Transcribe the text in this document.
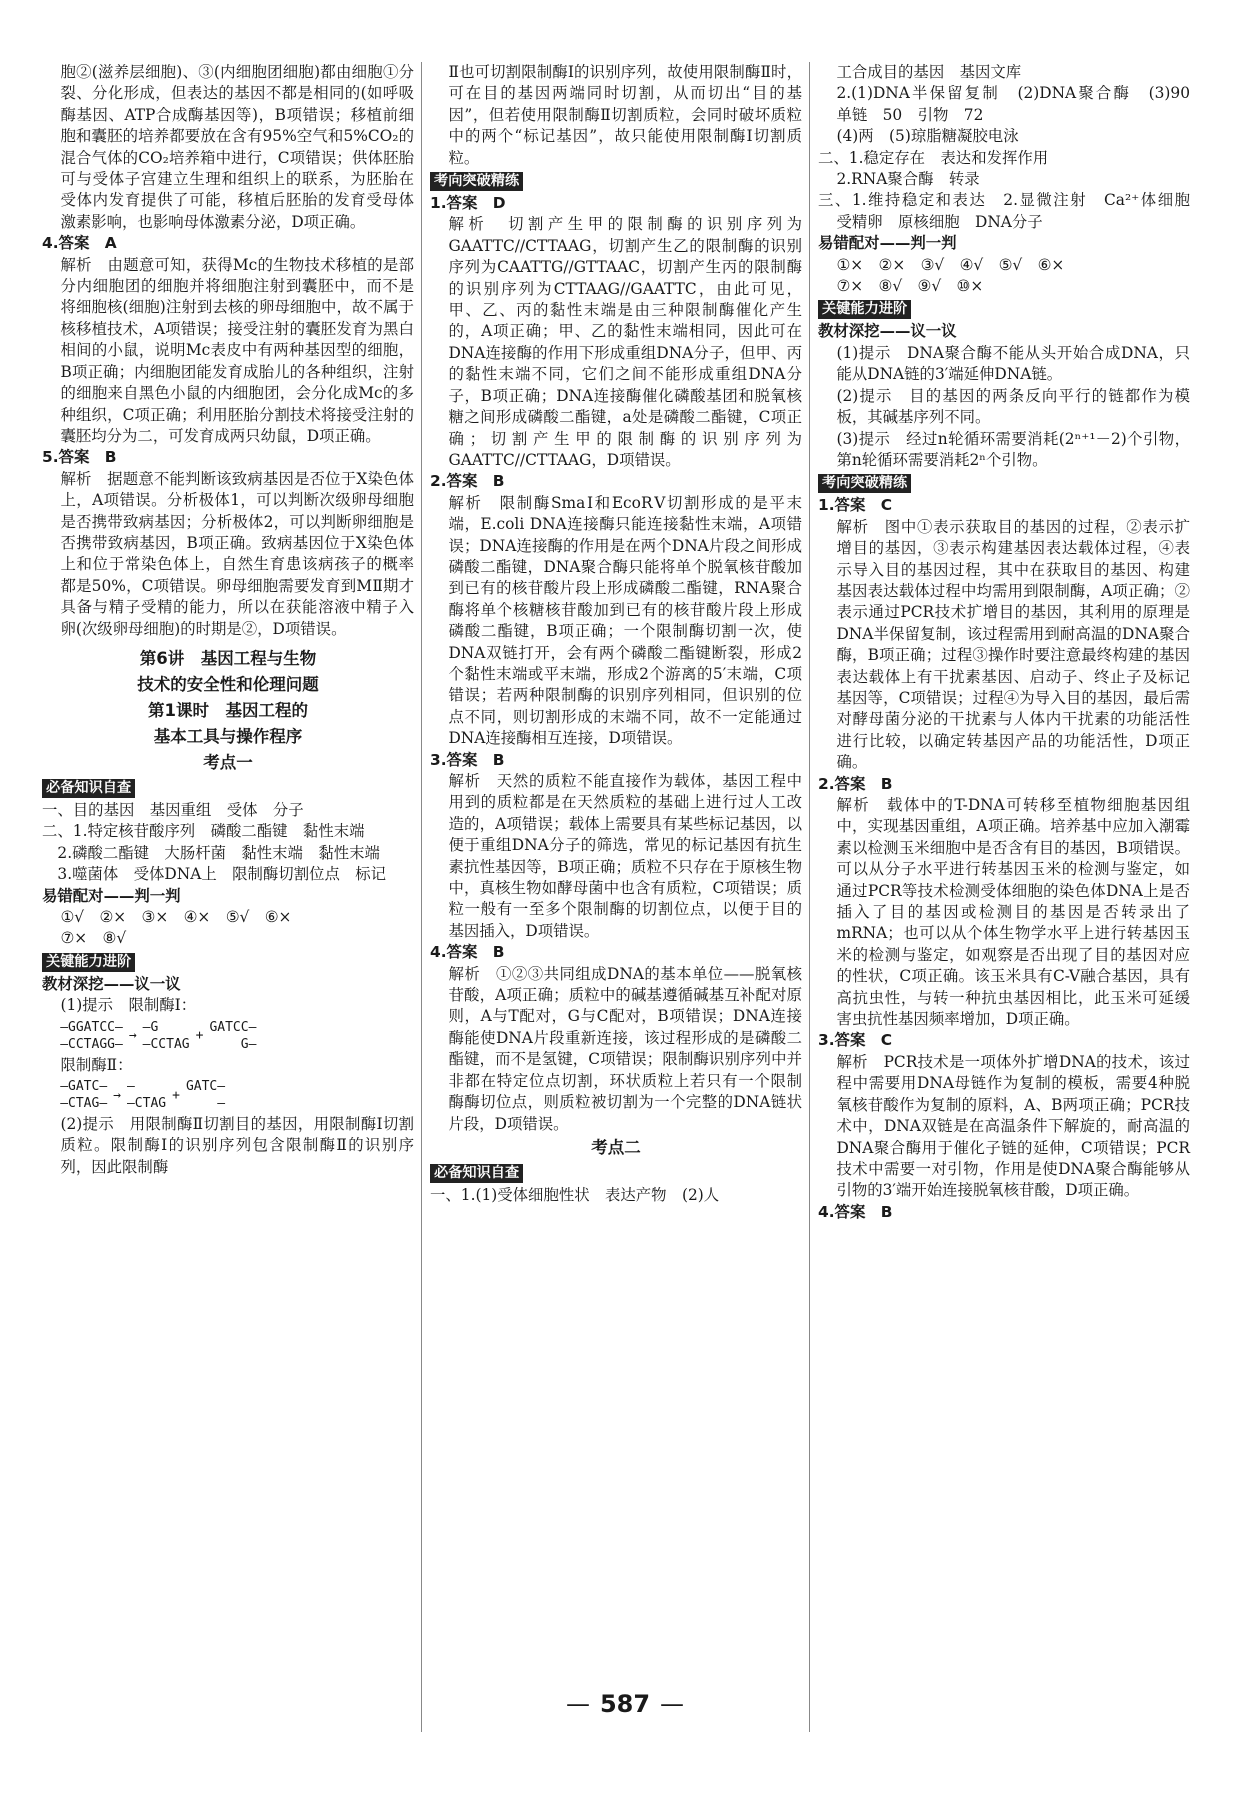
胞②(滋养层细胞)、③(内细胞团细胞)都由细胞①分裂、分化形成，但表达的基因不都是相同的(如呼吸酶基因、ATP合成酶基因等)，B项错误；移植前细胞和囊胚的培养都要放在含有95%空气和5%CO₂的混合气体的CO₂培养箱中进行，C项错误；供体胚胎可与受体子宫建立生理和组织上的联系，为胚胎在受体内发育提供了可能，移植后胚胎的发育受母体激素影响，也影响母体激素分泌，D项正确。

4.答案　A

解析　由题意可知，获得Mc的生物技术移植的是部分内细胞团的细胞并将细胞注射到囊胚中，而不是将细胞核(细胞)注射到去核的卵母细胞中，故不属于核移植技术，A项错误；接受注射的囊胚发育为黑白相间的小鼠，说明Mc表皮中有两种基因型的细胞，B项正确；内细胞团能发育成胎儿的各种组织，注射的细胞来自黑色小鼠的内细胞团，会分化成Mc的多种组织，C项正确；利用胚胎分割技术将接受注射的囊胚均分为二，可发育成两只幼鼠，D项正确。

5.答案　B

解析　据题意不能判断该致病基因是否位于X染色体上，A项错误。分析极体1，可以判断次级卵母细胞是否携带致病基因；分析极体2，可以判断卵细胞是否携带致病基因，B项正确。致病基因位于X染色体上和位于常染色体上，自然生育患该病孩子的概率都是50%，C项错误。卵母细胞需要发育到MⅡ期才具备与精子受精的能力，所以在获能溶液中精子入卵(次级卵母细胞)的时期是②，D项错误。

第6讲　基因工程与生物
技术的安全性和伦理问题
第1课时　基因工程的
基本工具与操作程序
考点一
必备知识自查

一、目的基因　基因重组　受体　分子

二、1.特定核苷酸序列　磷酸二酯键　黏性末端

2.磷酸二酯键　大肠杆菌　黏性末端　黏性末端

3.噬菌体　受体DNA上　限制酶切割位点　标记

易错配对——判一判

①√　②×　③×　④×　⑤√　⑥×

⑦×　⑧√

关键能力进阶

教材深挖——议一议

(1)提示　限制酶Ⅰ：

—GGATCC—
—CCTAGG—
→
—G
—CCTAG
+
GATCC—
G—

限制酶Ⅱ：

—GATC—
—CTAG—
→
—
—CTAG
+
GATC—
—

(2)提示　用限制酶Ⅱ切割目的基因，用限制酶Ⅰ切割质粒。限制酶Ⅰ的识别序列包含限制酶Ⅱ的识别序列，因此限制酶

Ⅱ也可切割限制酶Ⅰ的识别序列，故使用限制酶Ⅱ时，可在目的基因两端同时切割，从而切出“目的基因”，但若使用限制酶Ⅱ切割质粒，会同时破坏质粒中的两个“标记基因”，故只能使用限制酶Ⅰ切割质粒。

考向突破精练

1.答案　D

解析　切割产生甲的限制酶的识别序列为GAATTC//CTTAAG，切割产生乙的限制酶的识别序列为CAATTG//GTTAAC，切割产生丙的限制酶的识别序列为CTTAAG//GAATTC，由此可见，甲、乙、丙的黏性末端是由三种限制酶催化产生的，A项正确；甲、乙的黏性末端相同，因此可在DNA连接酶的作用下形成重组DNA分子，但甲、丙的黏性末端不同，它们之间不能形成重组DNA分子，B项正确；DNA连接酶催化磷酸基团和脱氧核糖之间形成磷酸二酯键，a处是磷酸二酯键，C项正确；切割产生甲的限制酶的识别序列为GAATTC//CTTAAG，D项错误。

2.答案　B

解析　限制酶SmaⅠ和EcoRⅤ切割形成的是平末端，E.coli DNA连接酶只能连接黏性末端，A项错误；DNA连接酶的作用是在两个DNA片段之间形成磷酸二酯键，DNA聚合酶只能将单个脱氧核苷酸加到已有的核苷酸片段上形成磷酸二酯键，RNA聚合酶将单个核糖核苷酸加到已有的核苷酸片段上形成磷酸二酯键，B项正确；一个限制酶切割一次，使DNA双链打开，会有两个磷酸二酯键断裂，形成2个黏性末端或平末端，形成2个游离的5′末端，C项错误；若两种限制酶的识别序列相同，但识别的位点不同，则切割形成的末端不同，故不一定能通过DNA连接酶相互连接，D项错误。

3.答案　B

解析　天然的质粒不能直接作为载体，基因工程中用到的质粒都是在天然质粒的基础上进行过人工改造的，A项错误；载体上需要具有某些标记基因，以便于重组DNA分子的筛选，常见的标记基因有抗生素抗性基因等，B项正确；质粒不只存在于原核生物中，真核生物如酵母菌中也含有质粒，C项错误；质粒一般有一至多个限制酶的切割位点，以便于目的基因插入，D项错误。

4.答案　B

解析　①②③共同组成DNA的基本单位——脱氧核苷酸，A项正确；质粒中的碱基遵循碱基互补配对原则，A与T配对，G与C配对，B项错误；DNA连接酶能使DNA片段重新连接，该过程形成的是磷酸二酯键，而不是氢键，C项错误；限制酶识别序列中并非都在特定位点切割，环状质粒上若只有一个限制酶酶切位点，则质粒被切割为一个完整的DNA链状片段，D项错误。

考点二
必备知识自查

一、1.(1)受体细胞性状　表达产物　(2)人

工合成目的基因　基因文库

2.(1)DNA半保留复制　(2)DNA聚合酶　(3)90　单链　50　引物　72

(4)两　(5)琼脂糖凝胶电泳

二、1.稳定存在　表达和发挥作用

2.RNA聚合酶　转录

三、1.维持稳定和表达　2.显微注射　Ca²⁺体细胞　受精卵　原核细胞　DNA分子

易错配对——判一判

①×　②×　③√　④√　⑤√　⑥×

⑦×　⑧√　⑨√　⑩×

关键能力进阶

教材深挖——议一议

(1)提示　DNA聚合酶不能从头开始合成DNA，只能从DNA链的3′端延伸DNA链。

(2)提示　目的基因的两条反向平行的链都作为模板，其碱基序列不同。

(3)提示　经过n轮循环需要消耗(2ⁿ⁺¹－2)个引物，第n轮循环需要消耗2ⁿ个引物。

考向突破精练

1.答案　C

解析　图中①表示获取目的基因的过程，②表示扩增目的基因，③表示构建基因表达载体过程，④表示导入目的基因过程，其中在获取目的基因、构建基因表达载体过程中均需用到限制酶，A项正确；②表示通过PCR技术扩增目的基因，其利用的原理是DNA半保留复制，该过程需用到耐高温的DNA聚合酶，B项正确；过程③操作时要注意最终构建的基因表达载体上有干扰素基因、启动子、终止子及标记基因等，C项错误；过程④为导入目的基因，最后需对酵母菌分泌的干扰素与人体内干扰素的功能活性进行比较，以确定转基因产品的功能活性，D项正确。

2.答案　B

解析　载体中的T-DNA可转移至植物细胞基因组中，实现基因重组，A项正确。培养基中应加入潮霉素以检测玉米细胞中是否含有目的基因，B项错误。可以从分子水平进行转基因玉米的检测与鉴定，如通过PCR等技术检测受体细胞的染色体DNA上是否插入了目的基因或检测目的基因是否转录出了mRNA；也可以从个体生物学水平上进行转基因玉米的检测与鉴定，如观察是否出现了目的基因对应的性状，C项正确。该玉米具有C-V融合基因，具有高抗虫性，与转一种抗虫基因相比，此玉米可延缓害虫抗性基因频率增加，D项正确。

3.答案　C

解析　PCR技术是一项体外扩增DNA的技术，该过程中需要用DNA母链作为复制的模板，需要4种脱氧核苷酸作为复制的原料，A、B两项正确；PCR技术中，DNA双链是在高温条件下解旋的，耐高温的DNA聚合酶用于催化子链的延伸，C项错误；PCR技术中需要一对引物，作用是使DNA聚合酶能够从引物的3′端开始连接脱氧核苷酸，D项正确。

4.答案　B

— 587 —
